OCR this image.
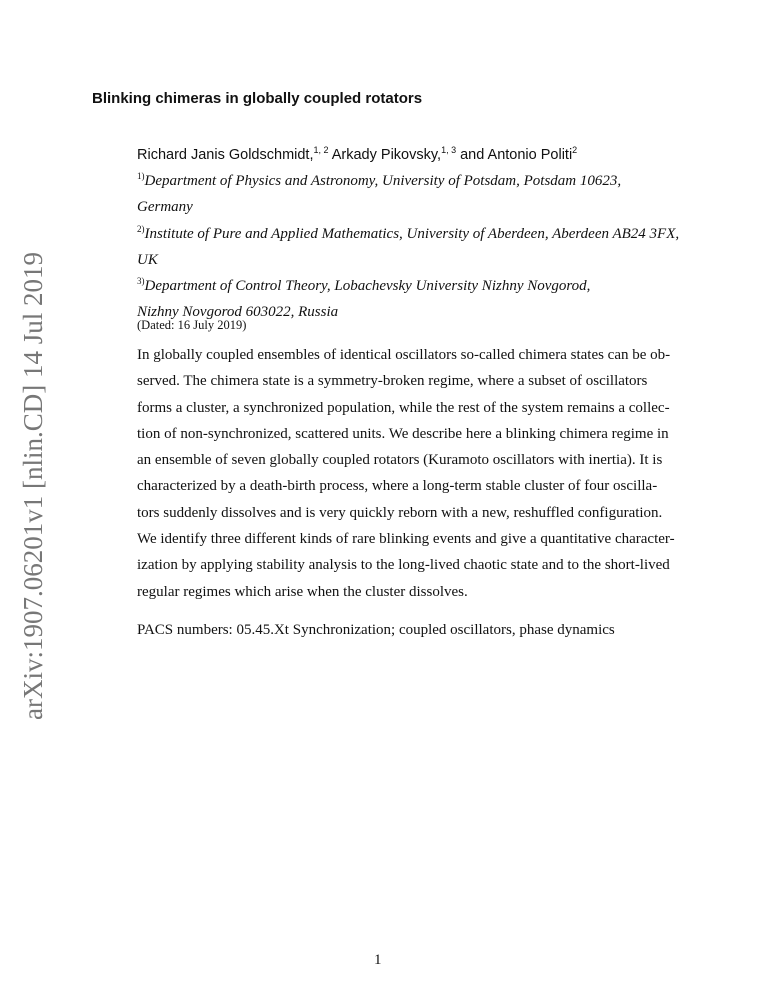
arXiv:1907.06201v1 [nlin.CD] 14 Jul 2019
Blinking chimeras in globally coupled rotators
Richard Janis Goldschmidt,$^{1, 2}$ Arkady Pikovsky,$^{1, 3}$ and Antonio Politi$^2$
$^{1)}$Department of Physics and Astronomy, University of Potsdam, Potsdam 10623,
Germany
$^{2)}$Institute of Pure and Applied Mathematics, University of Aberdeen, Aberdeen AB24 3FX,
UK
$^{3)}$Department of Control Theory, Lobachevsky University Nizhny Novgorod,
Nizhny Novgorod 603022, Russia
(Dated: 16 July 2019)
In globally coupled ensembles of identical oscillators so-called chimera states can be ob-
served. The chimera state is a symmetry-broken regime, where a subset of oscillators
forms a cluster, a synchronized population, while the rest of the system remains a collec-
tion of non-synchronized, scattered units. We describe here a blinking chimera regime in
an ensemble of seven globally coupled rotators (Kuramoto oscillators with inertia). It is
characterized by a death-birth process, where a long-term stable cluster of four oscilla-
tors suddenly dissolves and is very quickly reborn with a new, reshuffled configuration.
We identify three different kinds of rare blinking events and give a quantitative character-
ization by applying stability analysis to the long-lived chaotic state and to the short-lived
regular regimes which arise when the cluster dissolves.
PACS numbers: 05.45.Xt Synchronization; coupled oscillators, phase dynamics
1
